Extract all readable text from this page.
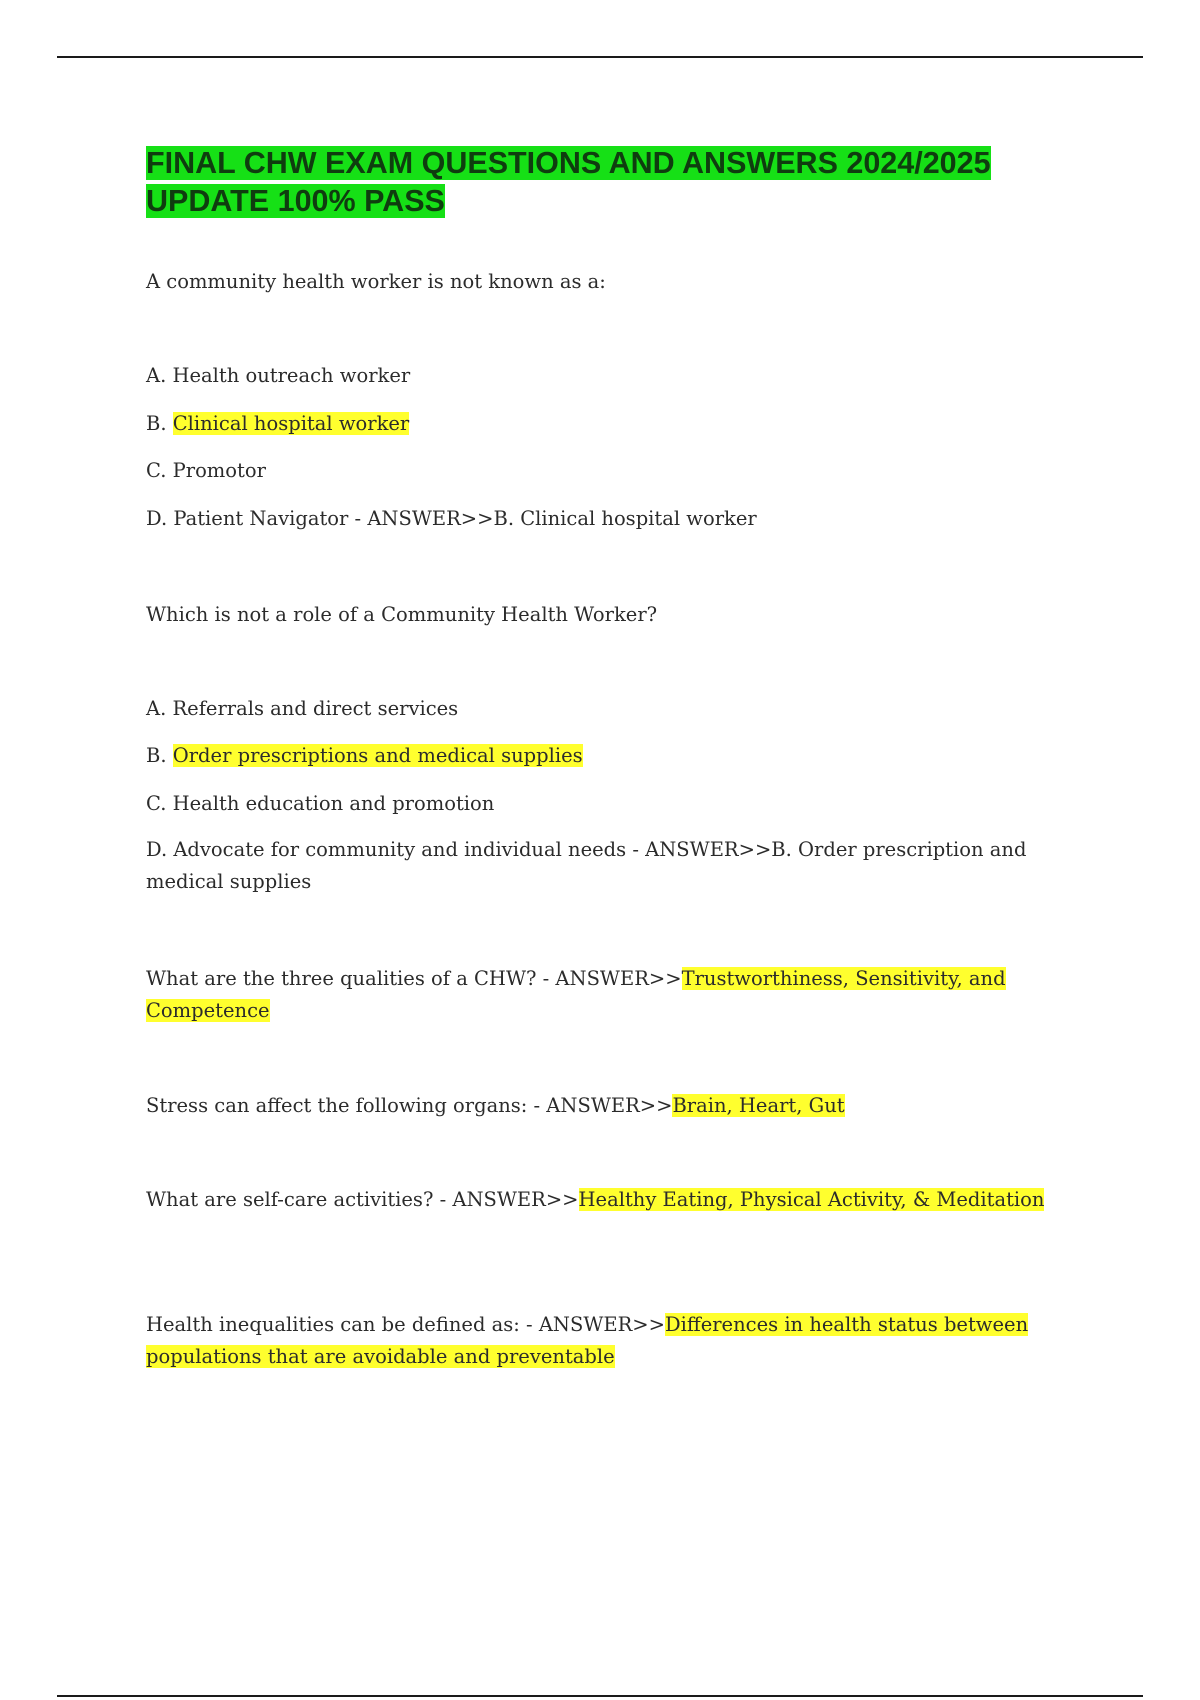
FINAL CHW EXAM QUESTIONS AND ANSWERS 2024/2025 UPDATE 100% PASS

A community health worker is not known as a:

A. Health outreach worker

B. Clinical hospital worker

C. Promotor

D. Patient Navigator - ANSWER>>B. Clinical hospital worker

Which is not a role of a Community Health Worker?

A. Referrals and direct services

B. Order prescriptions and medical supplies

C. Health education and promotion

D. Advocate for community and individual needs - ANSWER>>B. Order prescription and medical supplies

What are the three qualities of a CHW? - ANSWER>>Trustworthiness, Sensitivity, and Competence

Stress can affect the following organs: - ANSWER>>Brain, Heart, Gut

What are self-care activities? - ANSWER>>Healthy Eating, Physical Activity, & Meditation

Health inequalities can be defined as: - ANSWER>>Differences in health status between populations that are avoidable and preventable
